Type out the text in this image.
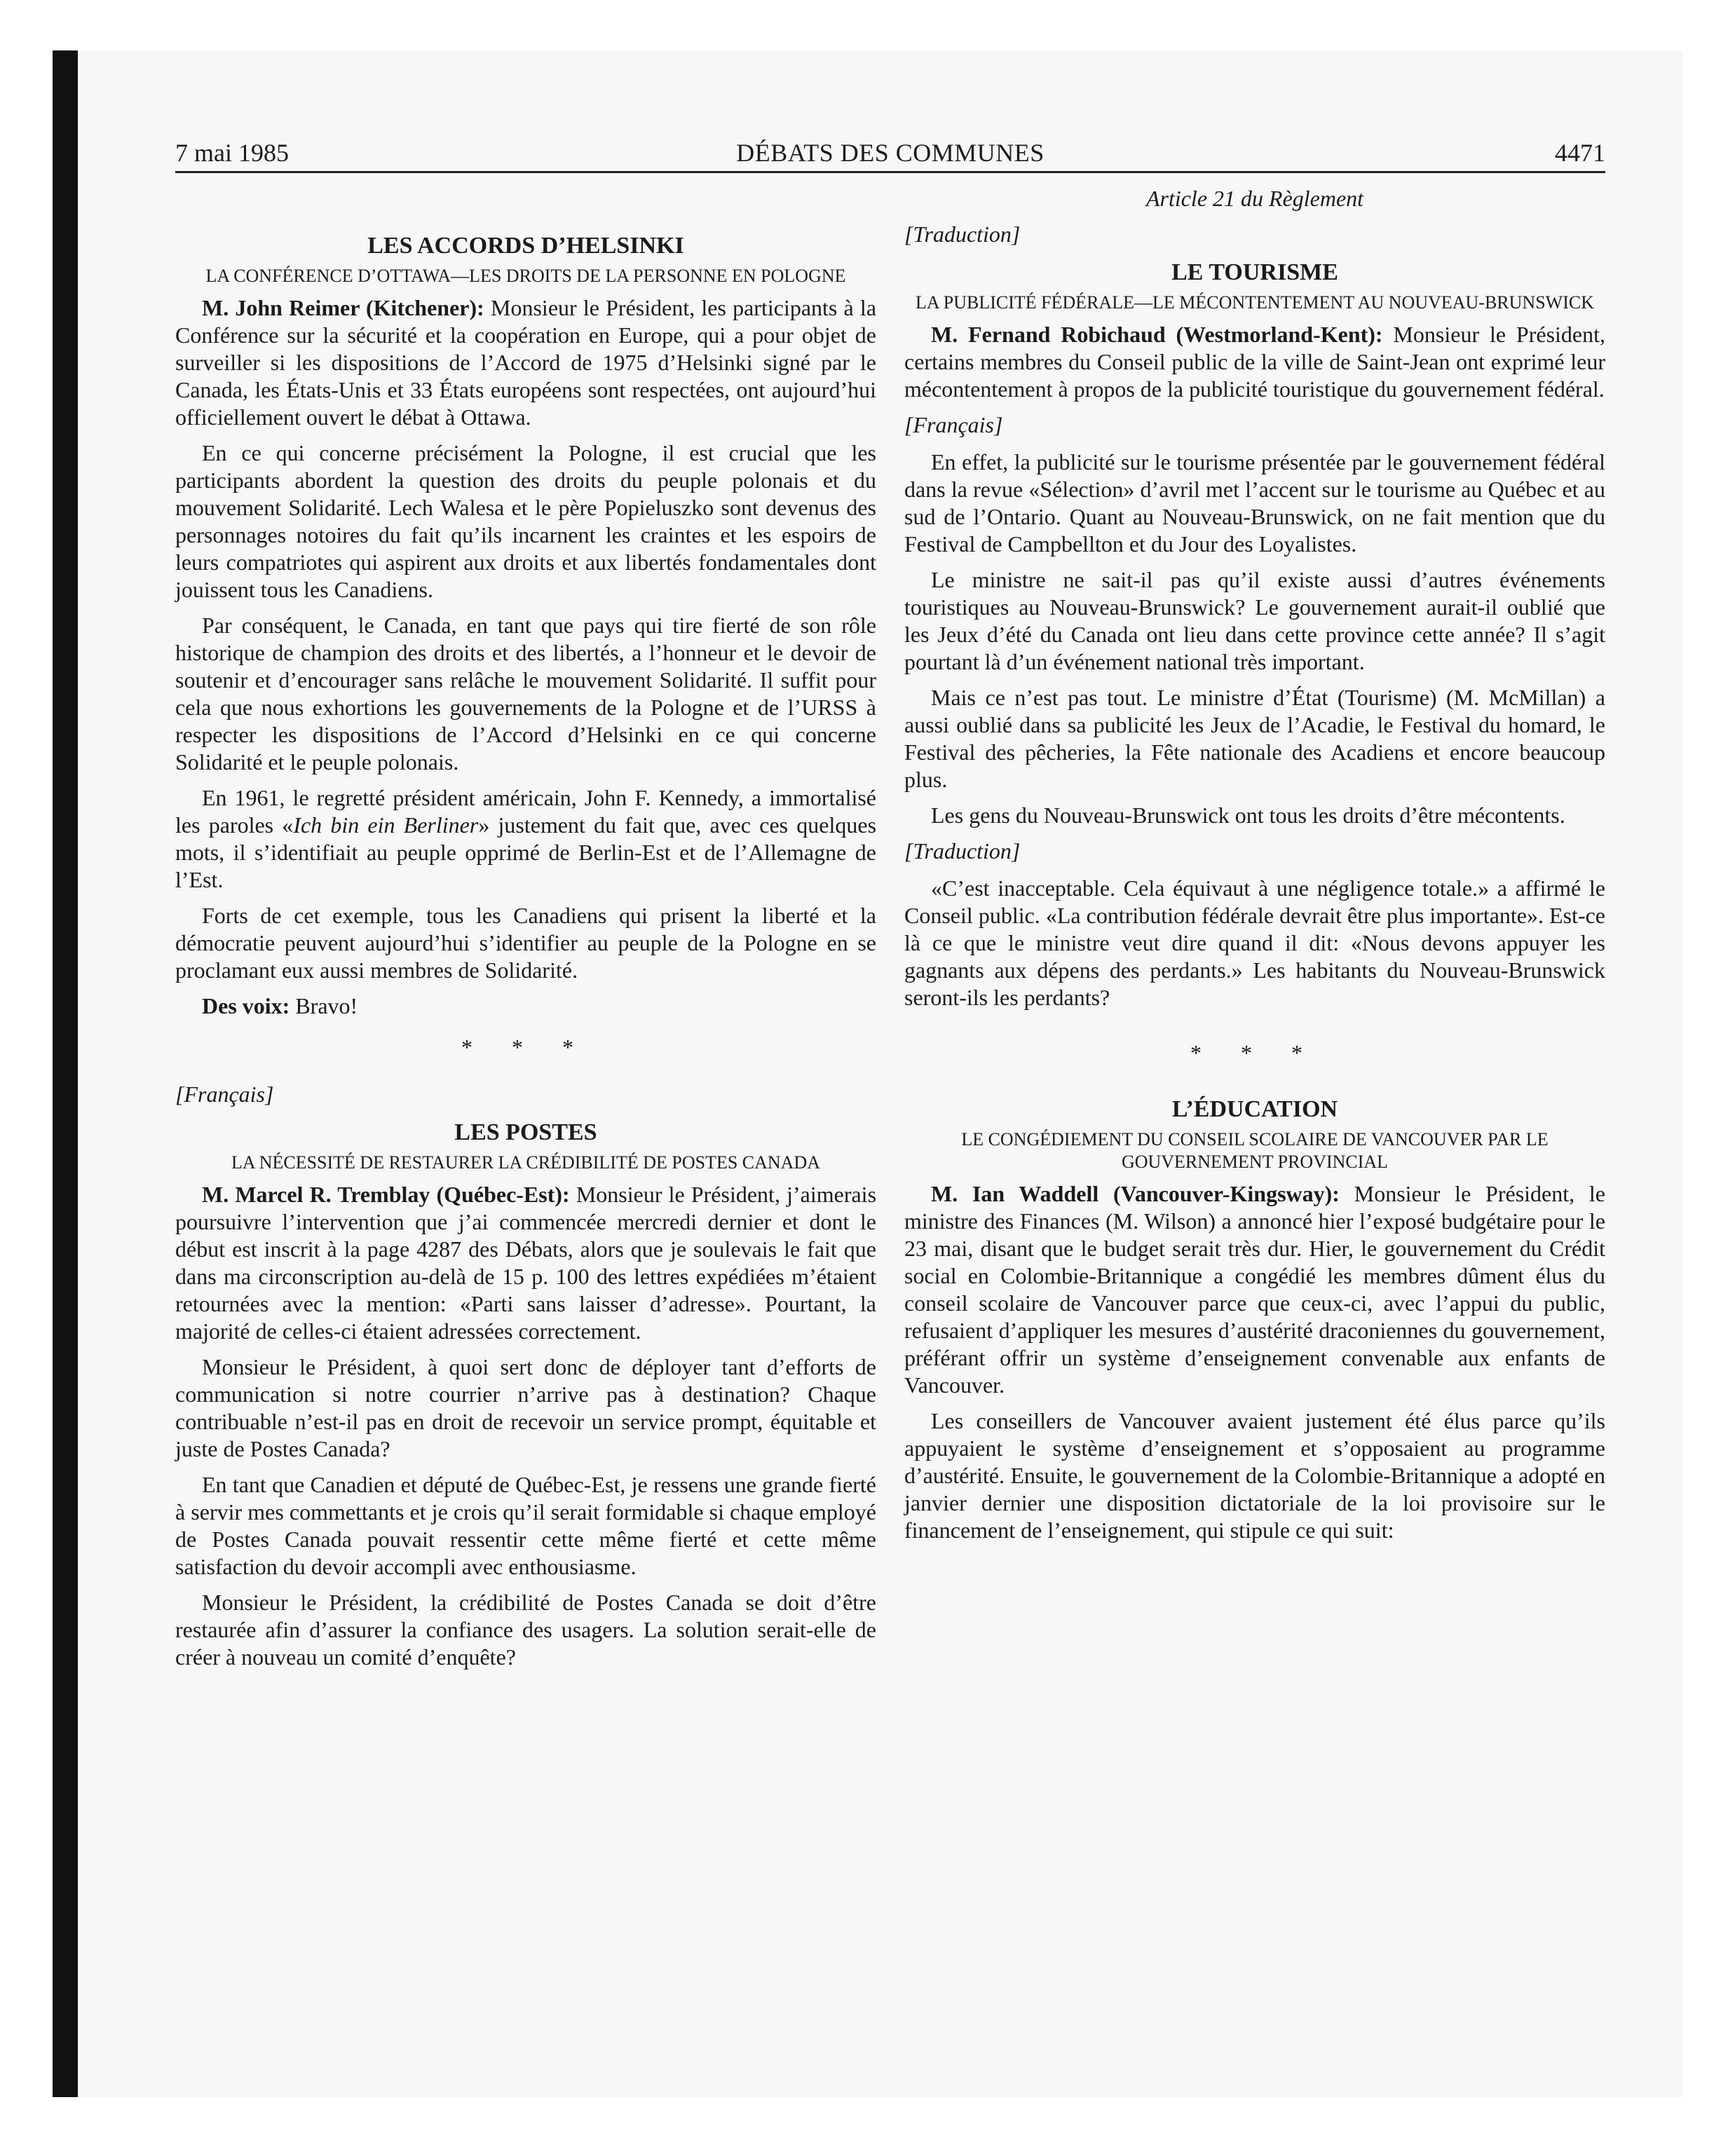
7 mai 1985	DÉBATS DES COMMUNES	4471
LES ACCORDS D’HELSINKI
LA CONFÉRENCE D’OTTAWA—LES DROITS DE LA PERSONNE EN POLOGNE

M. John Reimer (Kitchener): Monsieur le Président, les participants à la Conférence sur la sécurité et la coopération en Europe, qui a pour objet de surveiller si les dispositions de l’Accord de 1975 d’Helsinki signé par le Canada, les États-Unis et 33 États européens sont respectées, ont aujourd’hui officiellement ouvert le débat à Ottawa.

En ce qui concerne précisément la Pologne, il est crucial que les participants abordent la question des droits du peuple polonais et du mouvement Solidarité. Lech Walesa et le père Popieluszko sont devenus des personnages notoires du fait qu’ils incarnent les craintes et les espoirs de leurs compatriotes qui aspirent aux droits et aux libertés fondamentales dont jouissent tous les Canadiens.

Par conséquent, le Canada, en tant que pays qui tire fierté de son rôle historique de champion des droits et des libertés, a l’honneur et le devoir de soutenir et d’encourager sans relâche le mouvement Solidarité. Il suffit pour cela que nous exhortions les gouvernements de la Pologne et de l’URSS à respecter les dispositions de l’Accord d’Helsinki en ce qui concerne Solidarité et le peuple polonais.

En 1961, le regretté président américain, John F. Kennedy, a immortalisé les paroles «Ich bin ein Berliner» justement du fait que, avec ces quelques mots, il s’identifiait au peuple opprimé de Berlin-Est et de l’Allemagne de l’Est.

Forts de cet exemple, tous les Canadiens qui prisent la liberté et la démocratie peuvent aujourd’hui s’identifier au peuple de la Pologne en se proclamant eux aussi membres de Solidarité.

Des voix: Bravo!

* * *
[Français]
LES POSTES
LA NÉCESSITÉ DE RESTAURER LA CRÉDIBILITÉ DE POSTES CANADA

M. Marcel R. Tremblay (Québec-Est): Monsieur le Président, j’aimerais poursuivre l’intervention que j’ai commencée mercredi dernier et dont le début est inscrit à la page 4287 des Débats, alors que je soulevais le fait que dans ma circonscription au-delà de 15 p. 100 des lettres expédiées m’étaient retournées avec la mention: «Parti sans laisser d’adresse». Pourtant, la majorité de celles-ci étaient adressées correctement.

Monsieur le Président, à quoi sert donc de déployer tant d’efforts de communication si notre courrier n’arrive pas à destination? Chaque contribuable n’est-il pas en droit de recevoir un service prompt, équitable et juste de Postes Canada?

En tant que Canadien et député de Québec-Est, je ressens une grande fierté à servir mes commettants et je crois qu’il serait formidable si chaque employé de Postes Canada pouvait ressentir cette même fierté et cette même satisfaction du devoir accompli avec enthousiasme.

Monsieur le Président, la crédibilité de Postes Canada se doit d’être restaurée afin d’assurer la confiance des usagers. La solution serait-elle de créer à nouveau un comité d’enquête?

Article 21 du Règlement
[Traduction]
LE TOURISME
LA PUBLICITÉ FÉDÉRALE—LE MÉCONTENTEMENT AU NOUVEAU-BRUNSWICK

M. Fernand Robichaud (Westmorland-Kent): Monsieur le Président, certains membres du Conseil public de la ville de Saint-Jean ont exprimé leur mécontentement à propos de la publicité touristique du gouvernement fédéral.

[Français]

En effet, la publicité sur le tourisme présentée par le gouvernement fédéral dans la revue «Sélection» d’avril met l’accent sur le tourisme au Québec et au sud de l’Ontario. Quant au Nouveau-Brunswick, on ne fait mention que du Festival de Campbellton et du Jour des Loyalistes.

Le ministre ne sait-il pas qu’il existe aussi d’autres événements touristiques au Nouveau-Brunswick? Le gouvernement aurait-il oublié que les Jeux d’été du Canada ont lieu dans cette province cette année? Il s’agit pourtant là d’un événement national très important.

Mais ce n’est pas tout. Le ministre d’État (Tourisme) (M. McMillan) a aussi oublié dans sa publicité les Jeux de l’Acadie, le Festival du homard, le Festival des pêcheries, la Fête nationale des Acadiens et encore beaucoup plus.

Les gens du Nouveau-Brunswick ont tous les droits d’être mécontents.

[Traduction]

«C’est inacceptable. Cela équivaut à une négligence totale.» a affirmé le Conseil public. «La contribution fédérale devrait être plus importante». Est-ce là ce que le ministre veut dire quand il dit: «Nous devons appuyer les gagnants aux dépens des perdants.» Les habitants du Nouveau-Brunswick seront-ils les perdants?

* * *
L’ÉDUCATION
LE CONGÉDIEMENT DU CONSEIL SCOLAIRE DE VANCOUVER PAR LE GOUVERNEMENT PROVINCIAL

M. Ian Waddell (Vancouver-Kingsway): Monsieur le Président, le ministre des Finances (M. Wilson) a annoncé hier l’exposé budgétaire pour le 23 mai, disant que le budget serait très dur. Hier, le gouvernement du Crédit social en Colombie-Britannique a congédié les membres dûment élus du conseil scolaire de Vancouver parce que ceux-ci, avec l’appui du public, refusaient d’appliquer les mesures d’austérité draconiennes du gouvernement, préférant offrir un système d’enseignement convenable aux enfants de Vancouver.

Les conseillers de Vancouver avaient justement été élus parce qu’ils appuyaient le système d’enseignement et s’opposaient au programme d’austérité. Ensuite, le gouvernement de la Colombie-Britannique a adopté en janvier dernier une disposition dictatoriale de la loi provisoire sur le financement de l’enseignement, qui stipule ce qui suit:
